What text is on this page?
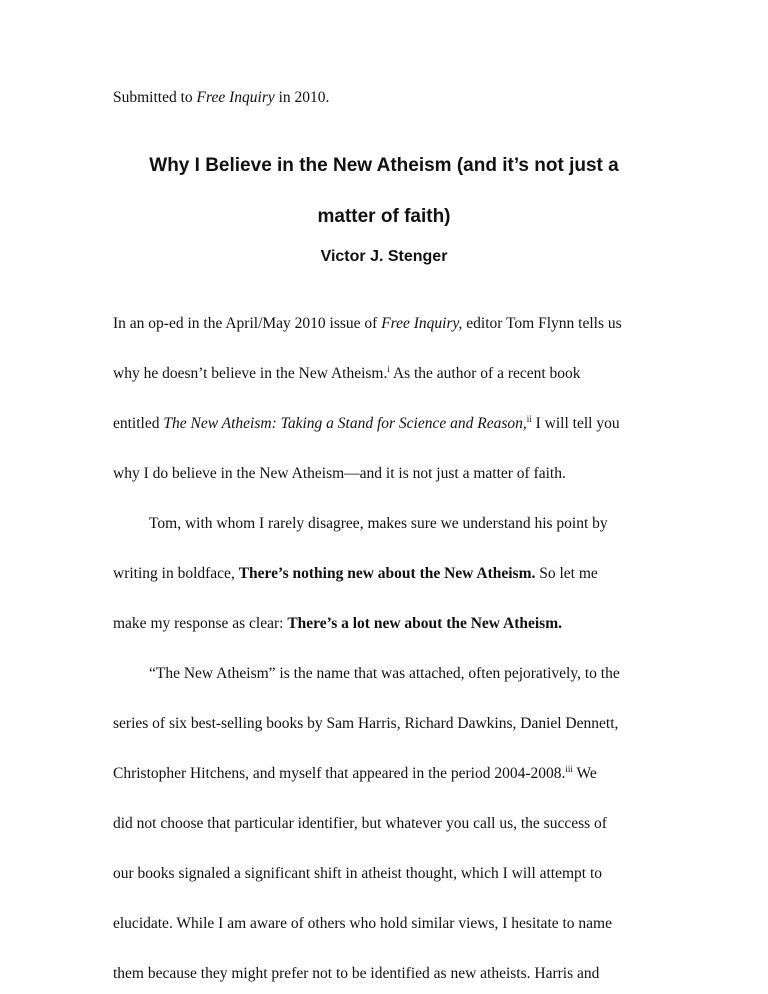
Submitted to Free Inquiry in 2010.
Why I Believe in the New Atheism (and it’s not just a
matter of faith)
Victor J. Stenger
In an op-ed in the April/May 2010 issue of Free Inquiry, editor Tom Flynn tells us
why he doesn’t believe in the New Atheism.$^i$ As the author of a recent book
entitled The New Atheism: Taking a Stand for Science and Reason,$^{ii}$ I will tell you
why I do believe in the New Atheism—and it is not just a matter of faith.
Tom, with whom I rarely disagree, makes sure we understand his point by
writing in boldface, There’s nothing new about the New Atheism. So let me
make my response as clear: There’s a lot new about the New Atheism.
“The New Atheism” is the name that was attached, often pejoratively, to the
series of six best-selling books by Sam Harris, Richard Dawkins, Daniel Dennett,
Christopher Hitchens, and myself that appeared in the period 2004-2008.$^{iii}$ We
did not choose that particular identifier, but whatever you call us, the success of
our books signaled a significant shift in atheist thought, which I will attempt to
elucidate. While I am aware of others who hold similar views, I hesitate to name
them because they might prefer not to be identified as new atheists. Harris and
